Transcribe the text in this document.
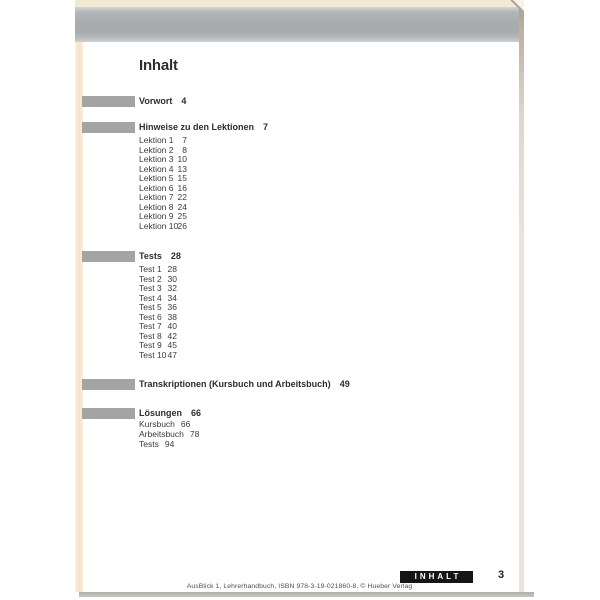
Inhalt
Vorwort 4
Hinweise zu den Lektionen 7
Lektion 1 7
Lektion 2 8
Lektion 3 10
Lektion 4 13
Lektion 5 15
Lektion 6 16
Lektion 7 22
Lektion 8 24
Lektion 9 25
Lektion 10 26
Tests 28
Test 1 28
Test 2 30
Test 3 32
Test 4 34
Test 5 36
Test 6 38
Test 7 40
Test 8 42
Test 9 45
Test 10 47
Transkriptionen (Kursbuch und Arbeitsbuch) 49
Lösungen 66
Kursbuch 66
Arbeitsbuch 78
Tests 94
INHALT	3
AusBlick 1, Lehrerhandbuch, ISBN 978-3-19-021860-8, © Hueber Verlag
